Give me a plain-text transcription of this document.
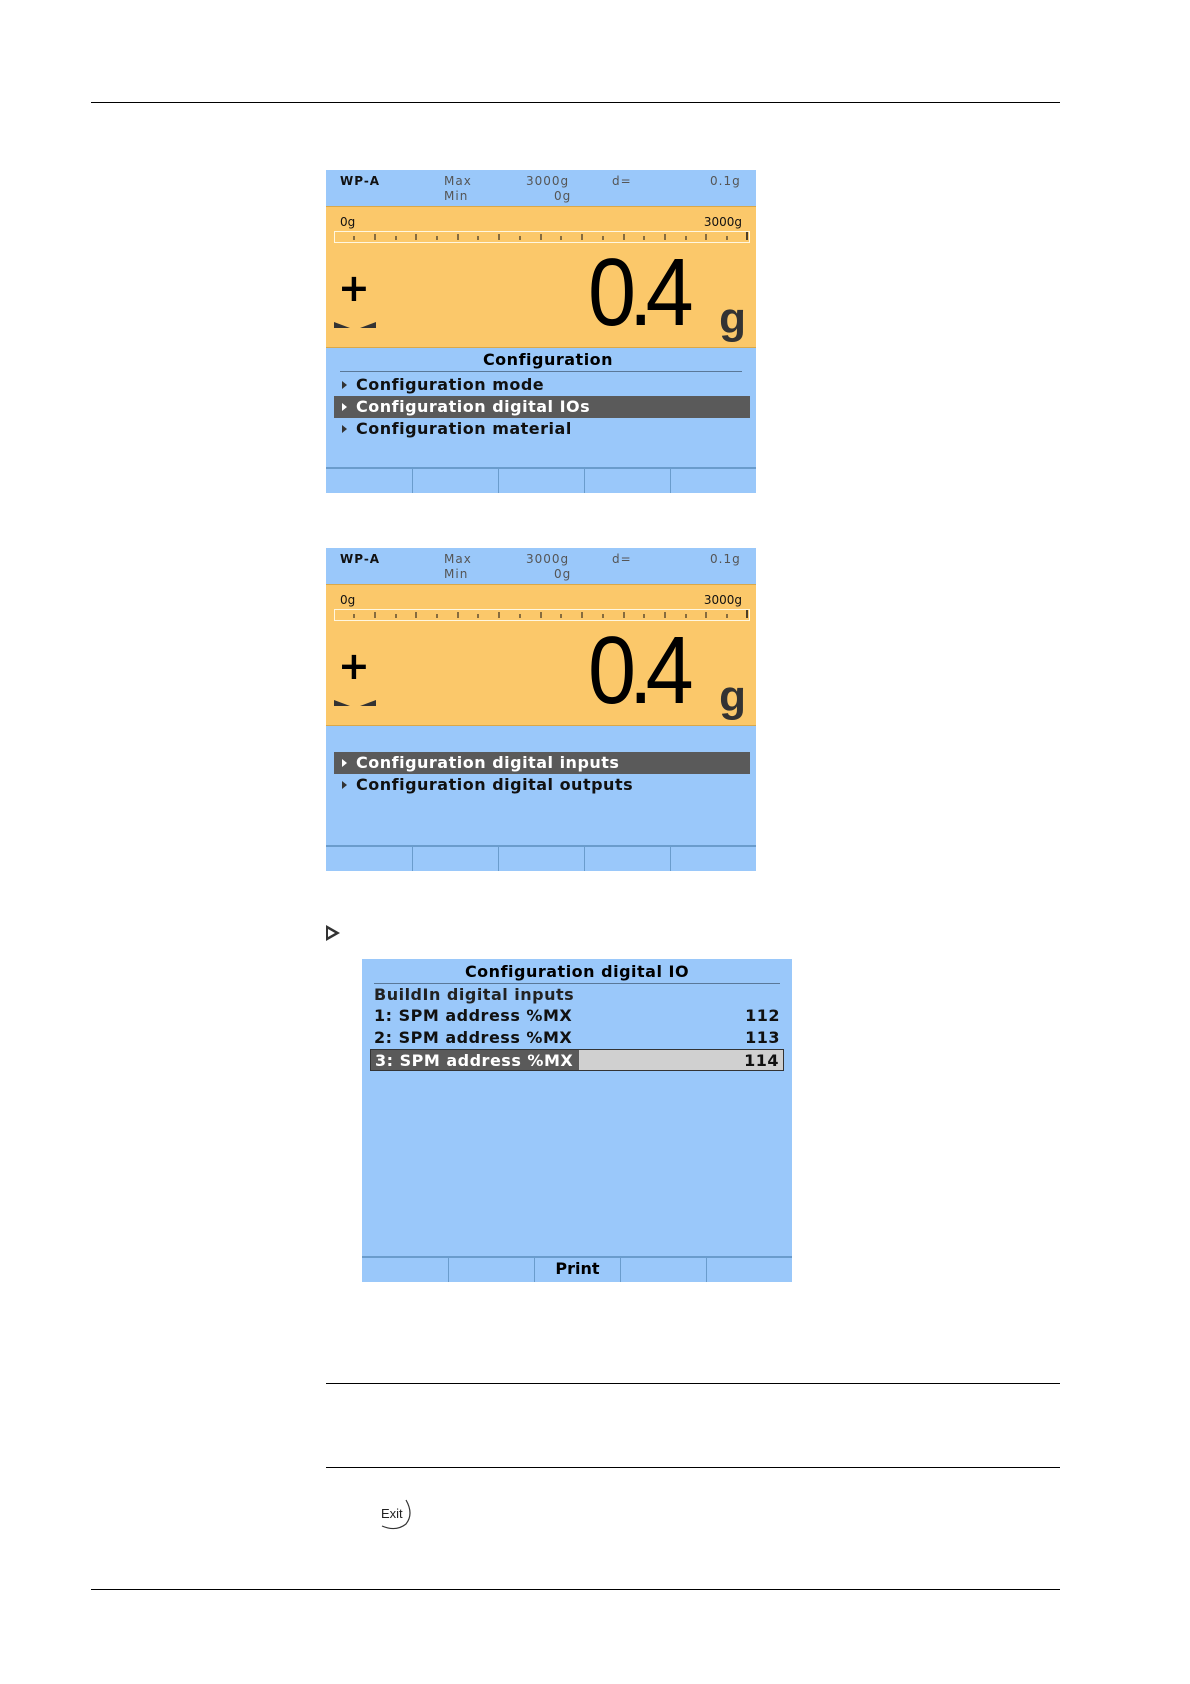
WP-A	Max
Min
3000g
0g
d=	0.1g
0g	3000g
+ 0.4 g
Configuration
Configuration mode
Configuration digital IOs
Configuration material
WP-A	Max
Min
3000g
0g
d=	0.1g
0g	3000g
+ 0.4 g
Configuration digital inputs
Configuration digital outputs
Configuration digital IO
BuildIn digital inputs
1: SPM address %MX	112
2: SPM address %MX	113
3: SPM address %MX	114
Print
Exit
